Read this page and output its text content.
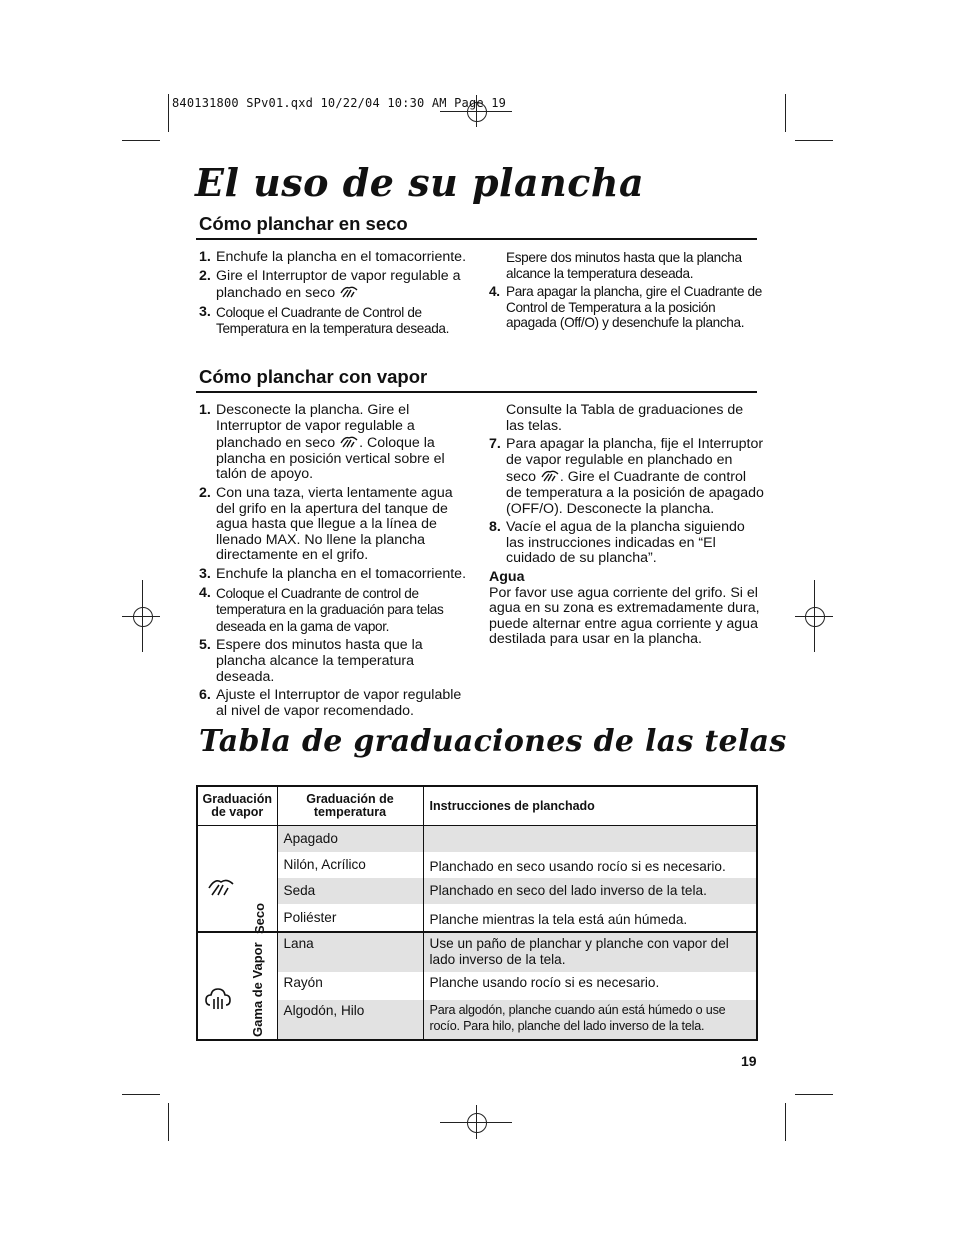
840131800 SPv01.qxd 10/22/04 10:30 AM Page 19
El uso de su plancha
Cómo planchar en seco
1. Enchufe la plancha en el tomacorriente.
2. Gire el Interruptor de vapor regulable a planchado en seco
3. Coloque el Cuadrante de Control de Temperatura en la temperatura deseada.
Espere dos minutos hasta que la plancha alcance la temperatura deseada.
4. Para apagar la plancha, gire el Cuadrante de Control de Temperatura a la posición apagada (Off/O) y desenchufe la plancha.
Cómo planchar con vapor
1. Desconecte la plancha. Gire el Interruptor de vapor regulable a planchado en seco . Coloque la plancha en posición vertical sobre el talón de apoyo.
2. Con una taza, vierta lentamente agua del grifo en la apertura del tanque de agua hasta que llegue a la línea de llenado MAX. No llene la plancha directamente en el grifo.
3. Enchufe la plancha en el tomacorriente.
4. Coloque el Cuadrante de control de temperatura en la graduación para telas deseada en la gama de vapor.
5. Espere dos minutos hasta que la plancha alcance la temperatura deseada.
6. Ajuste el Interruptor de vapor regulable al nivel de vapor recomendado.
Consulte la Tabla de graduaciones de las telas.
7. Para apagar la plancha, fije el Interruptor de vapor regulable en planchado en seco . Gire el Cuadrante de control de temperatura a la posición de apagado (OFF/O). Desconecte la plancha.
8. Vacíe el agua de la plancha siguiendo las instrucciones indicadas en “El cuidado de su plancha”.
Agua

Por favor use agua corriente del grifo. Si el agua en su zona es extremadamente dura, puede alternar entre agua corriente y agua destilada para usar en la plancha.

Tabla de graduaciones de las telas
Graduación de vapor	Graduación de temperatura	Instrucciones de planchado

Seco	Apagado	
	Nilón, Acrílico	Planchado en seco usando rocío si es necesario.
	Seda	Planchado en seco del lado inverso de la tela.
	Poliéster	Planche mientras la tela está aún húmeda.

Gama de Vapor	Lana	Use un paño de planchar y planche con vapor del lado inverso de la tela.
	Rayón	Planche usando rocío si es necesario.
	Algodón, Hilo	Para algodón, planche cuando aún está húmedo o use rocío. Para hilo, planche del lado inverso de la tela.
19
